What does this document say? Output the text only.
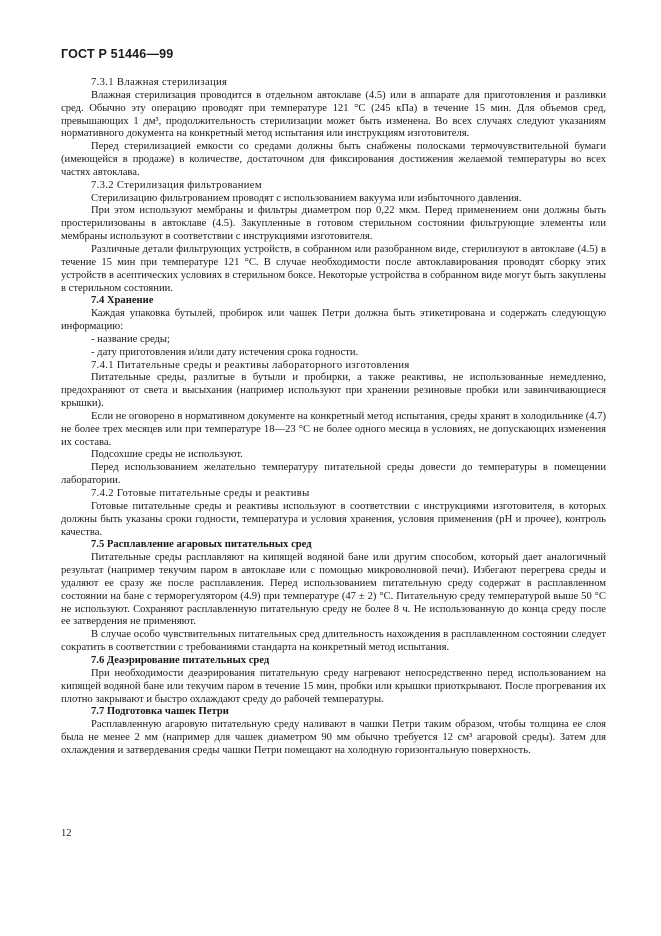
ГОСТ Р 51446—99

7.3.1 Влажная стерилизация

Влажная стерилизация проводится в отдельном автоклаве (4.5) или в аппарате для приготовления и разливки сред. Обычно эту операцию проводят при температуре 121 °С (245 кПа) в течение 15 мин. Для объемов сред, превышающих 1 дм³, продолжительность стерилизации может быть изменена. Во всех случаях следуют указаниям нормативного документа на конкретный метод испытания или инструкциям изготовителя.

Перед стерилизацией емкости со средами должны быть снабжены полосками термочувствительной бумаги (имеющейся в продаже) в количестве, достаточном для фиксирования достижения желаемой температуры во всех частях автоклава.

7.3.2 Стерилизация фильтрованием

Стерилизацию фильтрованием проводят с использованием вакуума или избыточного давления.

При этом используют мембраны и фильтры диаметром пор 0,22 мкм. Перед применением они должны быть простерилизованы в автоклаве (4.5). Закупленные в готовом стерильном состоянии фильтрующие элементы или мембраны используют в соответствии с инструкциями изготовителя.

Различные детали фильтрующих устройств, в собранном или разобранном виде, стерилизуют в автоклаве (4.5) в течение 15 мин при температуре 121 °С. В случае необходимости после автоклавирования проводят сборку этих устройств в асептических условиях в стерильном боксе. Некоторые устройства в собранном виде могут быть закуплены в стерильном состоянии.

7.4 Хранение

Каждая упаковка бутылей, пробирок или чашек Петри должна быть этикетирована и содержать следующую информацию:

- название среды;

- дату приготовления и/или дату истечения срока годности.

7.4.1 Питательные среды и реактивы лабораторного изготовления

Питательные среды, разлитые в бутыли и пробирки, а также реактивы, не использованные немедленно, предохраняют от света и высыхания (например используют при хранении резиновые пробки или завинчивающиеся крышки).

Если не оговорено в нормативном документе на конкретный метод испытания, среды хранят в холодильнике (4.7) не более трех месяцев или при температуре 18—23 °С не более одного месяца в условиях, не допускающих изменения их состава.

Подсохшие среды не используют.

Перед использованием желательно температуру питательной среды довести до температуры в помещении лаборатории.

7.4.2 Готовые питательные среды и реактивы

Готовые питательные среды и реактивы используют в соответствии с инструкциями изготовителя, в которых должны быть указаны сроки годности, температура и условия хранения, условия применения (рН и прочее), контроль качества.

7.5 Расплавление агаровых питательных сред

Питательные среды расплавляют на кипящей водяной бане или другим способом, который дает аналогичный результат (например текучим паром в автоклаве или с помощью микроволновой печи). Избегают перегрева среды и удаляют ее сразу же после расплавления. Перед использованием питательную среду содержат в расплавленном состоянии на бане с терморегулятором (4.9) при температуре (47 ± 2) °С. Питательную среду температурой выше 50 °С не используют. Сохраняют расплавленную питательную среду не более 8 ч. Не использованную до конца среду после ее затвердения не применяют.

В случае особо чувствительных питательных сред длительность нахождения в расплавленном состоянии следует сократить в соответствии с требованиями стандарта на конкретный метод испытания.

7.6 Деаэрирование питательных сред

При необходимости деаэрирования питательную среду нагревают непосредственно перед использованием на кипящей водяной бане или текучим паром в течение 15 мин, пробки или крышки приоткрывают. После прогревания их плотно закрывают и быстро охлаждают среду до рабочей температуры.

7.7 Подготовка чашек Петри

Расплавленную агаровую питательную среду наливают в чашки Петри таким образом, чтобы толщина ее слоя была не менее 2 мм (например для чашек диаметром 90 мм обычно требуется 12 см³ агаровой среды). Затем для охлаждения и затвердевания среды чашки Петри помещают на холодную горизонтальную поверхность.

12
